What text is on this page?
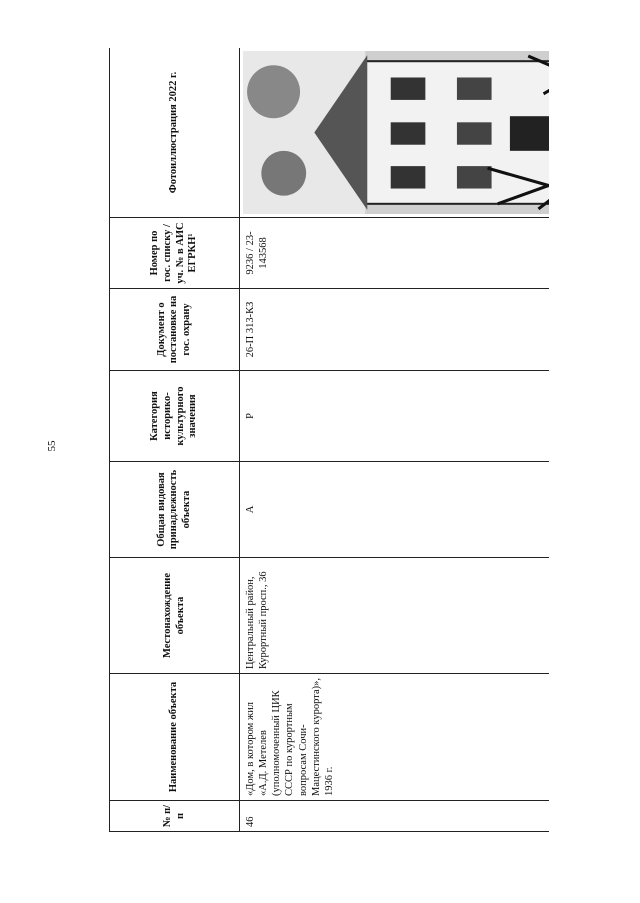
55
№ п/п	Наименование объекта	Местонахождение объекта	Общая видовая принадлежность объекта	Категория историко-культурного значения	Документ о постановке на гос. охрану	Номер по гос. списку /уч. № в АИС ЕГРКН¹	Фотоиллюстрация 2022 г.
46	«Дом, в котором жил «А.Д. Метелев (уполномоченный ЦИК СССР по курортным вопросам Сочи-Мацестинского курорта)», 1936 г.	Центральный район, Курортный просп., 36	А	Р	26-П 313-КЗ	9236 / 23-143568	
